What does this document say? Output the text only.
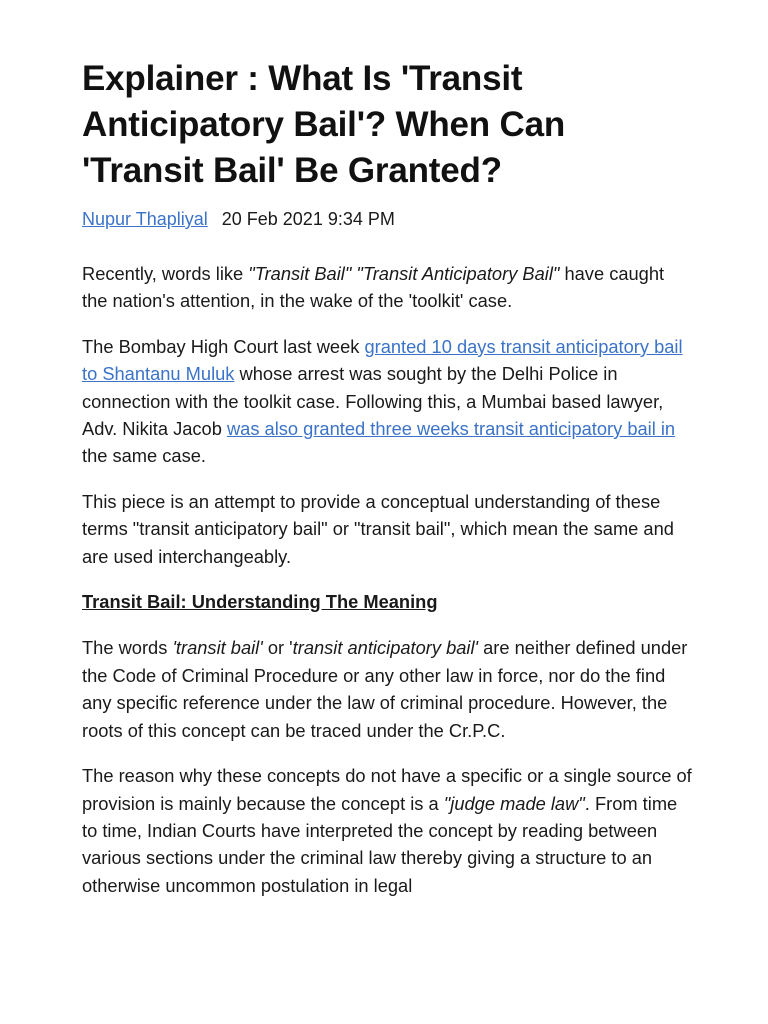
Explainer : What Is 'Transit Anticipatory Bail'? When Can 'Transit Bail' Be Granted?
Nupur Thapliyal 20 Feb 2021 9:34 PM

Recently, words like "Transit Bail" "Transit Anticipatory Bail" have caught the nation's attention, in the wake of the 'toolkit' case.

The Bombay High Court last week granted 10 days transit anticipatory bail to Shantanu Muluk whose arrest was sought by the Delhi Police in connection with the toolkit case. Following this, a Mumbai based lawyer, Adv. Nikita Jacob was also granted three weeks transit anticipatory bail in the same case.

This piece is an attempt to provide a conceptual understanding of these terms "transit anticipatory bail" or "transit bail", which mean the same and are used interchangeably.

Transit Bail: Understanding The Meaning

The words 'transit bail' or 'transit anticipatory bail' are neither defined under the Code of Criminal Procedure or any other law in force, nor do the find any specific reference under the law of criminal procedure. However, the roots of this concept can be traced under the Cr.P.C.

The reason why these concepts do not have a specific or a single source of provision is mainly because the concept is a "judge made law". From time to time, Indian Courts have interpreted the concept by reading between various sections under the criminal law thereby giving a structure to an otherwise uncommon postulation in legal
